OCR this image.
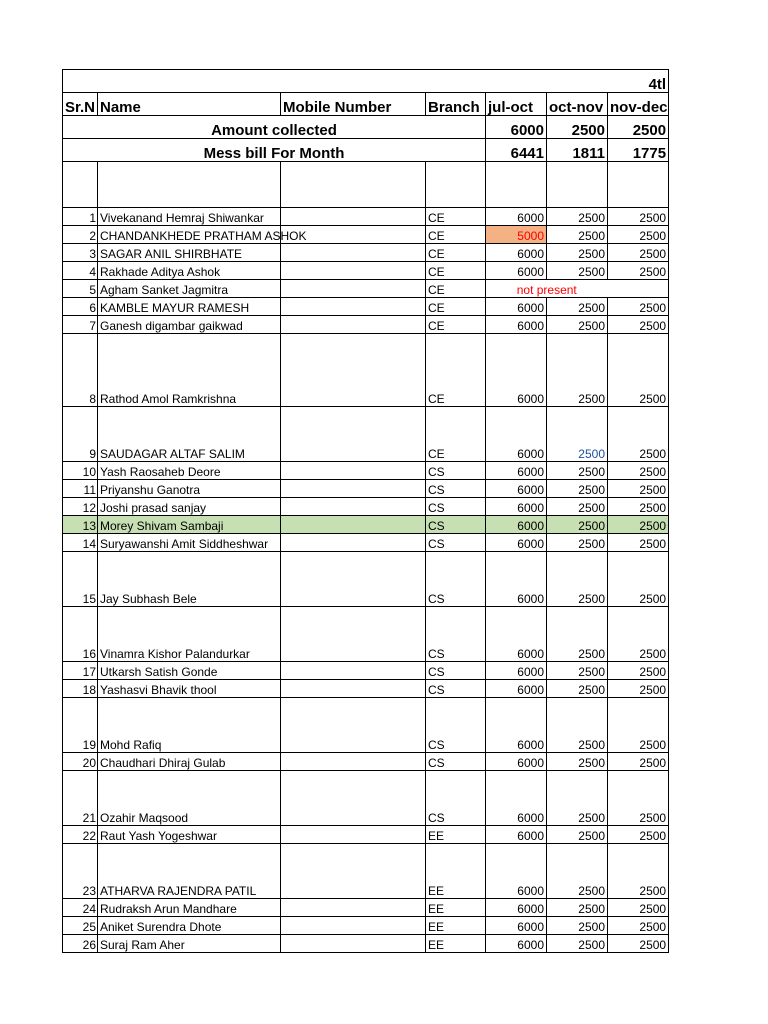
4tl						
Sr.N	Name	Mobile Number	Branch	jul-oct	oct-nov	nov-dec
Amount collected				6000	2500	2500
Mess bill For Month				6441	1811	1775

1	Vivekanand Hemraj Shiwankar		CE	6000	2500	2500
2	CHANDANKHEDE PRATHAM ASHOK		CE	5000	2500	2500
3	SAGAR ANIL SHIRBHATE		CE	6000	2500	2500
4	Rakhade Aditya Ashok		CE	6000	2500	2500
5	Agham Sanket Jagmitra		CE	not present		
6	KAMBLE MAYUR RAMESH		CE	6000	2500	2500
7	Ganesh digambar gaikwad		CE	6000	2500	2500
8	Rathod Amol Ramkrishna		CE	6000	2500	2500
9	SAUDAGAR ALTAF SALIM		CE	6000	2500	2500
10	Yash Raosaheb Deore		CS	6000	2500	2500
11	Priyanshu Ganotra		CS	6000	2500	2500
12	Joshi prasad sanjay		CS	6000	2500	2500
13	Morey Shivam Sambaji		CS	6000	2500	2500
14	Suryawanshi Amit Siddheshwar		CS	6000	2500	2500
15	Jay Subhash Bele		CS	6000	2500	2500
16	Vinamra Kishor Palandurkar		CS	6000	2500	2500
17	Utkarsh Satish Gonde		CS	6000	2500	2500
18	Yashasvi Bhavik thool		CS	6000	2500	2500
19	Mohd Rafiq		CS	6000	2500	2500
20	Chaudhari Dhiraj Gulab		CS	6000	2500	2500
21	Ozahir Maqsood		CS	6000	2500	2500
22	Raut Yash Yogeshwar		EE	6000	2500	2500
23	ATHARVA RAJENDRA PATIL		EE	6000	2500	2500
24	Rudraksh Arun Mandhare		EE	6000	2500	2500
25	Aniket Surendra Dhote		EE	6000	2500	2500
26	Suraj Ram Aher		EE	6000	2500	2500
